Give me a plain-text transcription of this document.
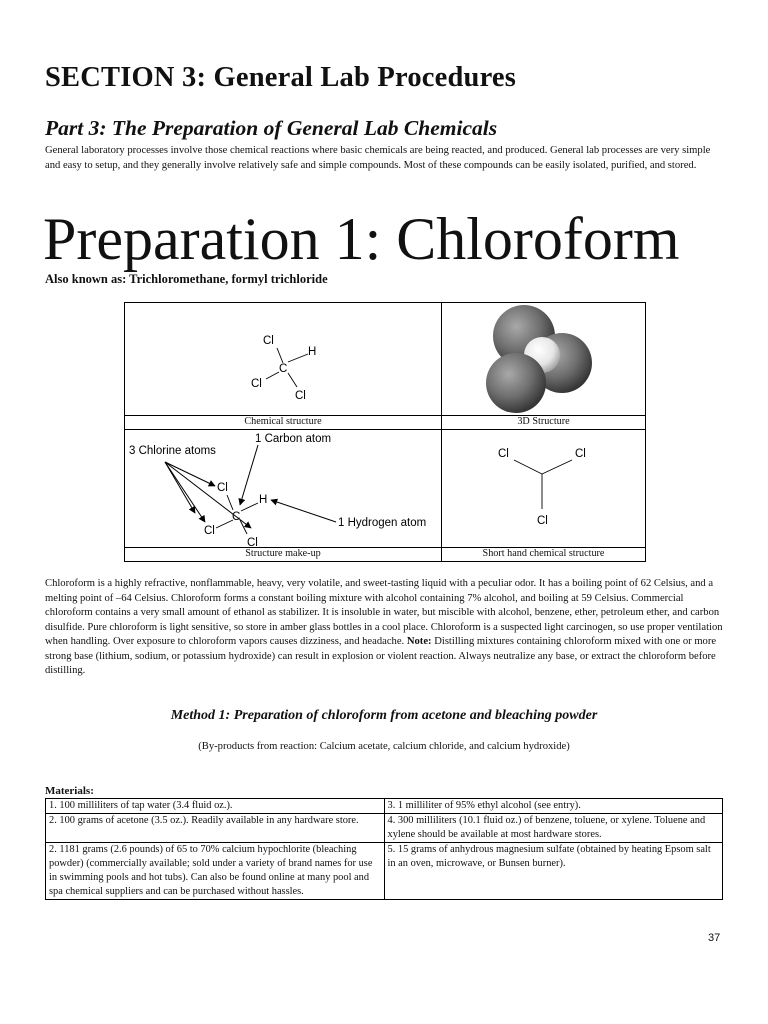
SECTION 3: General Lab Procedures
Part 3: The Preparation of General Lab Chemicals
General laboratory processes involve those chemical reactions where basic chemicals are being reacted, and produced. General lab processes are very simple and easy to setup, and they generally involve relatively safe and simple compounds. Most of these compounds can be easily isolated, purified, and stored.
Preparation 1: Chloroform
Also known as: Trichloromethane, formyl trichloride
Cl
C
H
Cl
Cl
Chemical structure	3D Structure
3 Chlorine atoms
1 Carbon atom
1 Hydrogen atom
Cl
C
H
Cl
Cl
Cl	Cl
Cl
Structure make-up	Short hand chemical structure
Chloroform is a highly refractive, nonflammable, heavy, very volatile, and sweet-tasting liquid with a peculiar odor. It has a boiling point of 62 Celsius, and a melting point of –64 Celsius. Chloroform forms a constant boiling mixture with alcohol containing 7% alcohol, and boiling at 59 Celsius. Commercial chloroform contains a very small amount of ethanol as stabilizer. It is insoluble in water, but miscible with alcohol, benzene, ether, petroleum ether, and carbon disulfide. Pure chloroform is light sensitive, so store in amber glass bottles in a cool place. Chloroform is a suspected light carcinogen, so use proper ventilation when handling. Over exposure to chloroform vapors causes dizziness, and headache. Note: Distilling mixtures containing chloroform mixed with one or more strong base (lithium, sodium, or potassium hydroxide) can result in explosion or violent reaction. Always neutralize any base, or extract the chloroform before distilling.
Method 1: Preparation of chloroform from acetone and bleaching powder
(By-products from reaction: Calcium acetate, calcium chloride, and calcium hydroxide)
Materials:
1. 100 milliliters of tap water (3.4 fluid oz.).	3. 1 milliliter of 95% ethyl alcohol (see entry).
2. 100 grams of acetone (3.5 oz.). Readily available in any hardware store.	4. 300 milliliters (10.1 fluid oz.) of benzene, toluene, or xylene. Toluene and xylene should be available at most hardware stores.
2. 1181 grams (2.6 pounds) of 65 to 70% calcium hypochlorite (bleaching powder) (commercially available; sold under a variety of brand names for use in swimming pools and hot tubs). Can also be found online at many pool and spa chemical suppliers and can be purchased without hassles.	5. 15 grams of anhydrous magnesium sulfate (obtained by heating Epsom salt in an oven, microwave, or Bunsen burner).
37
